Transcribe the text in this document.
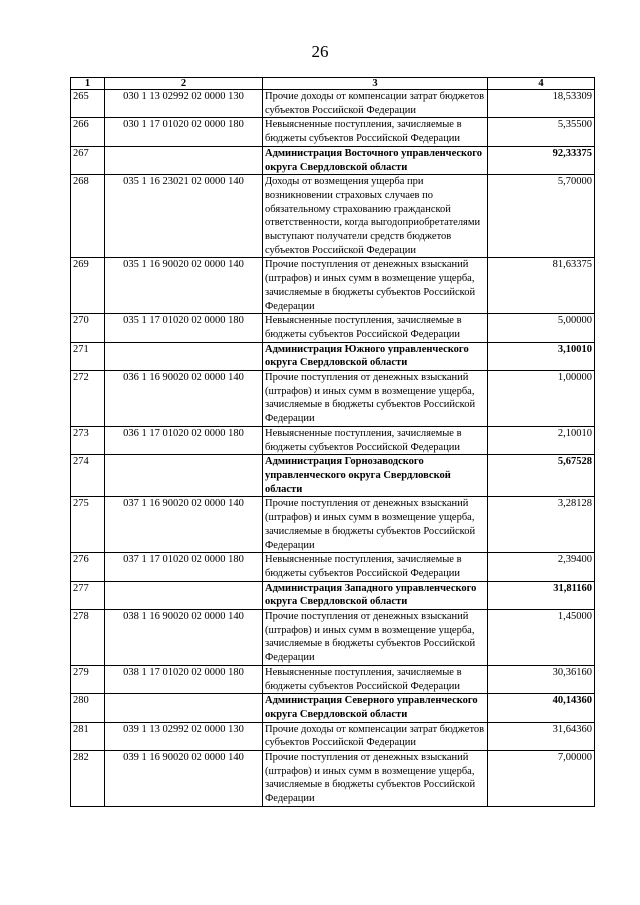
26
1	2	3	4
265	030 1 13 02992 02 0000 130	Прочие доходы от компенсации затрат бюджетов субъектов Российской Федерации	18,53309
266	030 1 17 01020 02 0000 180	Невыясненные поступления, зачисляемые в бюджеты субъектов Российской Федерации	5,35500
267		Администрация Восточного управленческого округа Свердловской области	92,33375
268	035 1 16 23021 02 0000 140	Доходы от возмещения ущерба при возникновении страховых случаев по обязательному страхованию гражданской ответственности, когда выгодоприобретателями выступают получатели средств бюджетов субъектов Российской Федерации	5,70000
269	035 1 16 90020 02 0000 140	Прочие поступления от денежных взысканий (штрафов) и иных сумм в возмещение ущерба, зачисляемые в бюджеты субъектов Российской Федерации	81,63375
270	035 1 17 01020 02 0000 180	Невыясненные поступления, зачисляемые в бюджеты субъектов Российской Федерации	5,00000
271		Администрация Южного управленческого округа Свердловской области	3,10010
272	036 1 16 90020 02 0000 140	Прочие поступления от денежных взысканий (штрафов) и иных сумм в возмещение ущерба, зачисляемые в бюджеты субъектов Российской Федерации	1,00000
273	036 1 17 01020 02 0000 180	Невыясненные поступления, зачисляемые в бюджеты субъектов Российской Федерации	2,10010
274		Администрация Горнозаводского управленческого округа Свердловской области	5,67528
275	037 1 16 90020 02 0000 140	Прочие поступления от денежных взысканий (штрафов) и иных сумм в возмещение ущерба, зачисляемые в бюджеты субъектов Российской Федерации	3,28128
276	037 1 17 01020 02 0000 180	Невыясненные поступления, зачисляемые в бюджеты субъектов Российской Федерации	2,39400
277		Администрация Западного управленческого округа Свердловской области	31,81160
278	038 1 16 90020 02 0000 140	Прочие поступления от денежных взысканий (штрафов) и иных сумм в возмещение ущерба, зачисляемые в бюджеты субъектов Российской Федерации	1,45000
279	038 1 17 01020 02 0000 180	Невыясненные поступления, зачисляемые в бюджеты субъектов Российской Федерации	30,36160
280		Администрация Северного управленческого округа Свердловской области	40,14360
281	039 1 13 02992 02 0000 130	Прочие доходы от компенсации затрат бюджетов субъектов Российской Федерации	31,64360
282	039 1 16 90020 02 0000 140	Прочие поступления от денежных взысканий (штрафов) и иных сумм в возмещение ущерба, зачисляемые в бюджеты субъектов Российской Федерации	7,00000
